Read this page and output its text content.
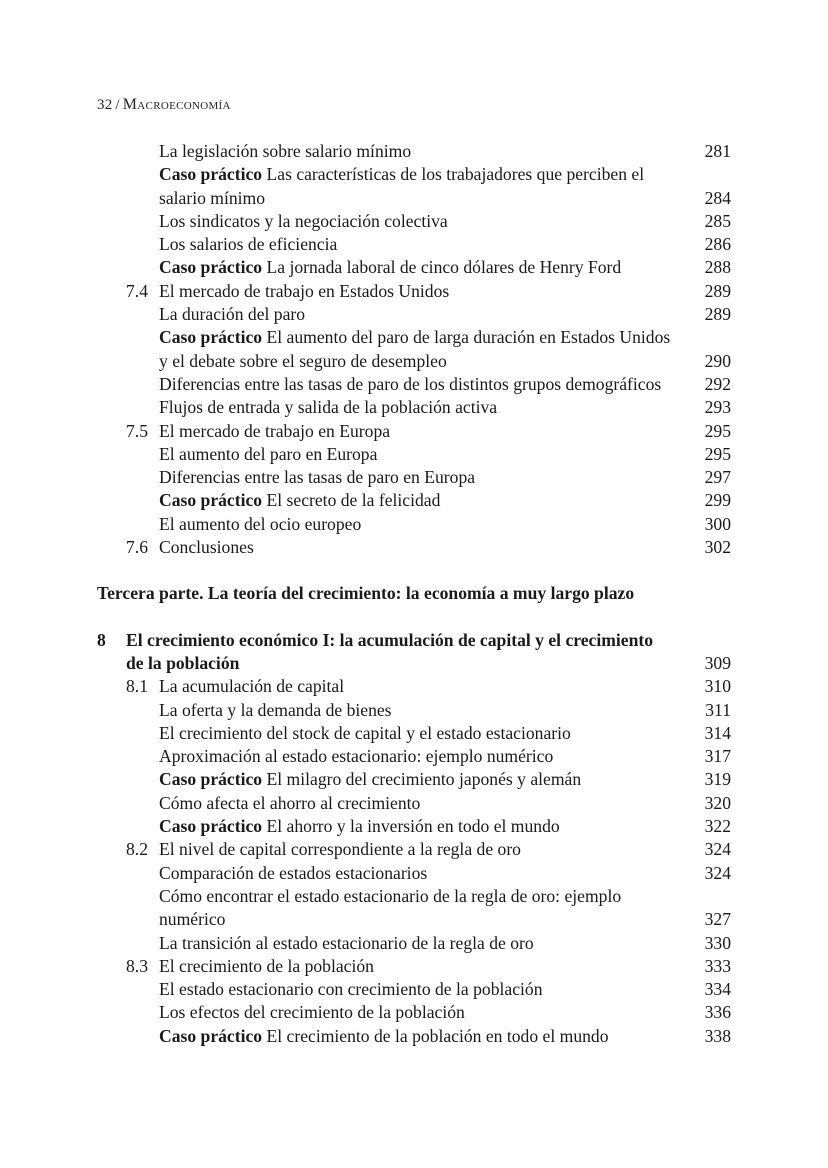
32 / Macroeconomía
La legislación sobre salario mínimo	281
Caso práctico Las características de los trabajadores que perciben el salario mínimo	284
Los sindicatos y la negociación colectiva	285
Los salarios de eficiencia	286
Caso práctico La jornada laboral de cinco dólares de Henry Ford	288
7.4 El mercado de trabajo en Estados Unidos	289
La duración del paro	289
Caso práctico El aumento del paro de larga duración en Estados Unidos y el debate sobre el seguro de desempleo	290
Diferencias entre las tasas de paro de los distintos grupos demográficos	292
Flujos de entrada y salida de la población activa	293
7.5 El mercado de trabajo en Europa	295
El aumento del paro en Europa	295
Diferencias entre las tasas de paro en Europa	297
Caso práctico El secreto de la felicidad	299
El aumento del ocio europeo	300
7.6 Conclusiones	302
Tercera parte. La teoría del crecimiento: la economía a muy largo plazo
8	El crecimiento económico I: la acumulación de capital y el crecimiento de la población	309
8.1 La acumulación de capital	310
La oferta y la demanda de bienes	311
El crecimiento del stock de capital y el estado estacionario	314
Aproximación al estado estacionario: ejemplo numérico	317
Caso práctico El milagro del crecimiento japonés y alemán	319
Cómo afecta el ahorro al crecimiento	320
Caso práctico El ahorro y la inversión en todo el mundo	322
8.2 El nivel de capital correspondiente a la regla de oro	324
Comparación de estados estacionarios	324
Cómo encontrar el estado estacionario de la regla de oro: ejemplo numérico	327
La transición al estado estacionario de la regla de oro	330
8.3 El crecimiento de la población	333
El estado estacionario con crecimiento de la población	334
Los efectos del crecimiento de la población	336
Caso práctico El crecimiento de la población en todo el mundo	338
